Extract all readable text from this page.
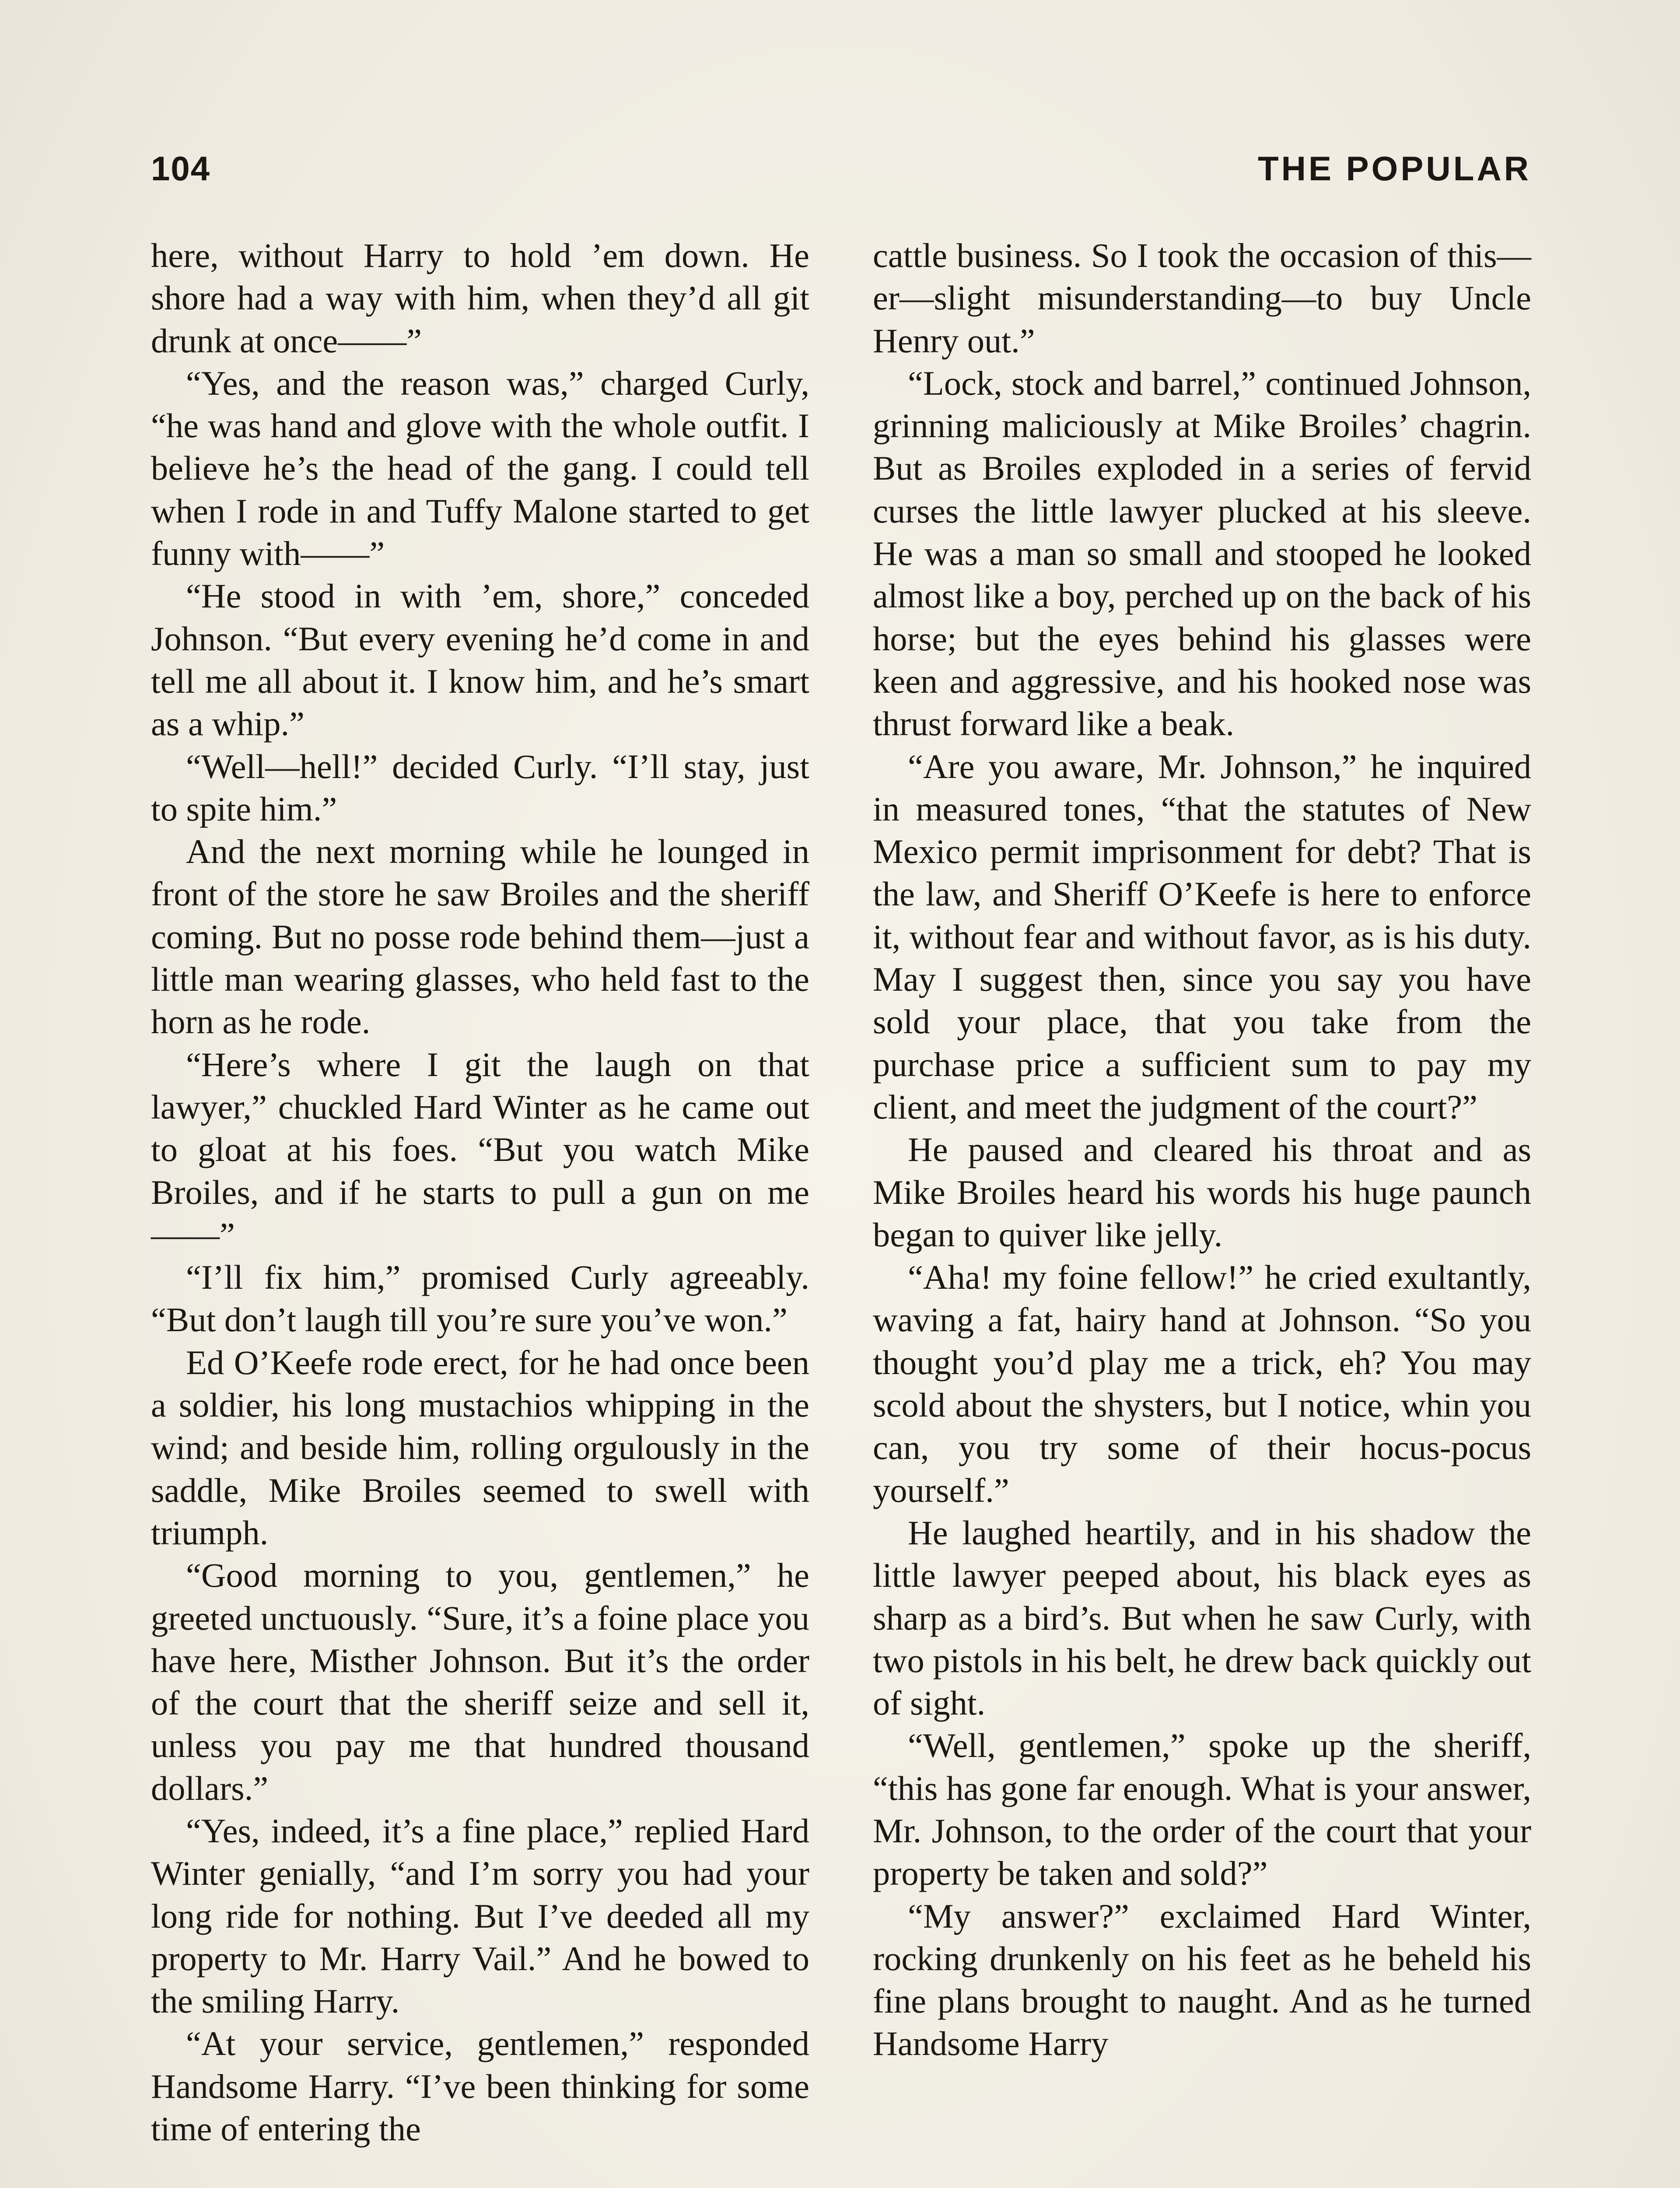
104	THE POPULAR

here, without Harry to hold ’em down. He shore had a way with him, when they’d all git drunk at once——”

“Yes, and the reason was,” charged Curly, “he was hand and glove with the whole outfit. I believe he’s the head of the gang. I could tell when I rode in and Tuffy Malone started to get funny with——”

“He stood in with ’em, shore,” conceded Johnson. “But every evening he’d come in and tell me all about it. I know him, and he’s smart as a whip.”

“Well—hell!” decided Curly. “I’ll stay, just to spite him.”

And the next morning while he lounged in front of the store he saw Broiles and the sheriff coming. But no posse rode behind them—just a little man wearing glasses, who held fast to the horn as he rode.

“Here’s where I git the laugh on that lawyer,” chuckled Hard Winter as he came out to gloat at his foes. “But you watch Mike Broiles, and if he starts to pull a gun on me——”

“I’ll fix him,” promised Curly agreeably. “But don’t laugh till you’re sure you’ve won.”

Ed O’Keefe rode erect, for he had once been a soldier, his long mustachios whipping in the wind; and beside him, rolling orgulously in the saddle, Mike Broiles seemed to swell with triumph.

“Good morning to you, gentlemen,” he greeted unctuously. “Sure, it’s a foine place you have here, Misther Johnson. But it’s the order of the court that the sheriff seize and sell it, unless you pay me that hundred thousand dollars.”

“Yes, indeed, it’s a fine place,” replied Hard Winter genially, “and I’m sorry you had your long ride for nothing. But I’ve deeded all my property to Mr. Harry Vail.” And he bowed to the smiling Harry.

“At your service, gentlemen,” responded Handsome Harry. “I’ve been thinking for some time of entering the

cattle business. So I took the occasion of this—er—slight misunderstanding—to buy Uncle Henry out.”

“Lock, stock and barrel,” continued Johnson, grinning maliciously at Mike Broiles’ chagrin. But as Broiles exploded in a series of fervid curses the little lawyer plucked at his sleeve. He was a man so small and stooped he looked almost like a boy, perched up on the back of his horse; but the eyes behind his glasses were keen and aggressive, and his hooked nose was thrust forward like a beak.

“Are you aware, Mr. Johnson,” he inquired in measured tones, “that the statutes of New Mexico permit imprisonment for debt? That is the law, and Sheriff O’Keefe is here to enforce it, without fear and without favor, as is his duty. May I suggest then, since you say you have sold your place, that you take from the purchase price a sufficient sum to pay my client, and meet the judgment of the court?”

He paused and cleared his throat and as Mike Broiles heard his words his huge paunch began to quiver like jelly.

“Aha! my foine fellow!” he cried exultantly, waving a fat, hairy hand at Johnson. “So you thought you’d play me a trick, eh? You may scold about the shysters, but I notice, whin you can, you try some of their hocus-pocus yourself.”

He laughed heartily, and in his shadow the little lawyer peeped about, his black eyes as sharp as a bird’s. But when he saw Curly, with two pistols in his belt, he drew back quickly out of sight.

“Well, gentlemen,” spoke up the sheriff, “this has gone far enough. What is your answer, Mr. Johnson, to the order of the court that your property be taken and sold?”

“My answer?” exclaimed Hard Winter, rocking drunkenly on his feet as he beheld his fine plans brought to naught. And as he turned Handsome Harry
